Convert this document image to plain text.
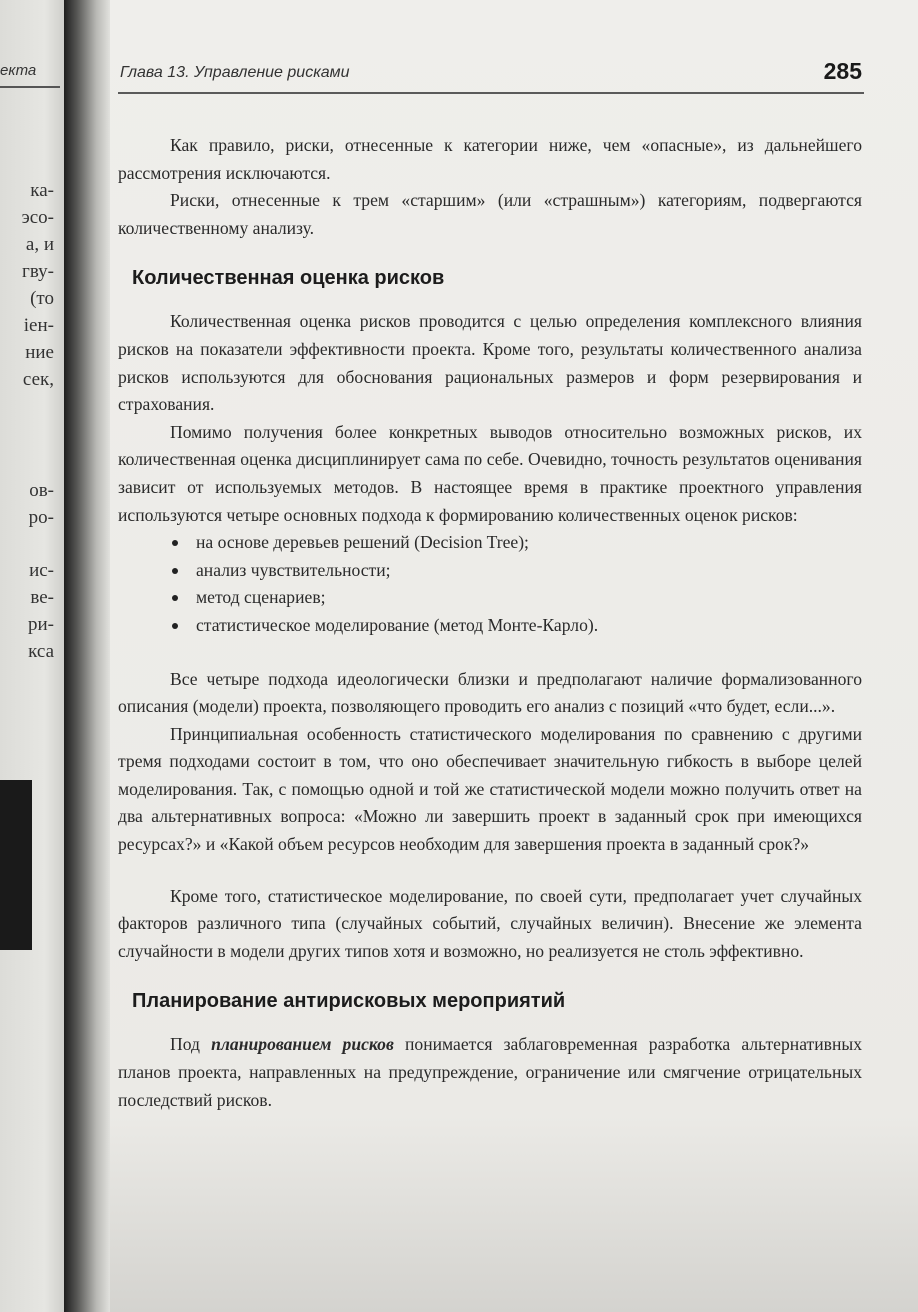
екта
ка-
эсо-
а, и
гву-
(то
іен-
ние
сек,
ов-
ро-
ис-
ве-
ри-
кса
Глава 13. Управление рисками	285

Как правило, риски, отнесенные к категории ниже, чем «опасные», из дальнейшего рассмотрения исключаются.

Риски, отнесенные к трем «старшим» (или «страшным») категориям, подвергаются количественному анализу.

Количественная оценка рисков

Количественная оценка рисков проводится с целью определения комплексного влияния рисков на показатели эффективности проекта. Кроме того, результаты количественного анализа рисков используются для обоснования рациональных размеров и форм резервирования и страхования.

Помимо получения более конкретных выводов относительно возможных рисков, их количественная оценка дисциплинирует сама по себе. Очевидно, точность результатов оценивания зависит от используемых методов. В настоящее время в практике проектного управления используются четыре основных подхода к формированию количественных оценок рисков:

на основе деревьев решений (Decision Tree);
анализ чувствительности;
метод сценариев;
статистическое моделирование (метод Монте-Карло).

Все четыре подхода идеологически близки и предполагают наличие формализованного описания (модели) проекта, позволяющего проводить его анализ с позиций «что будет, если...».

Принципиальная особенность статистического моделирования по сравнению с другими тремя подходами состоит в том, что оно обеспечивает значительную гибкость в выборе целей моделирования. Так, с помощью одной и той же статистической модели можно получить ответ на два альтернативных вопроса: «Можно ли завершить проект в заданный срок при имеющихся ресурсах?» и «Какой объем ресурсов необходим для завершения проекта в заданный срок?»

Кроме того, статистическое моделирование, по своей сути, предполагает учет случайных факторов различного типа (случайных событий, случайных величин). Внесение же элемента случайности в модели других типов хотя и возможно, но реализуется не столь эффективно.

Планирование антирисковых мероприятий

Под планированием рисков понимается заблаговременная разработка альтернативных планов проекта, направленных на предупреждение, ограничение или смягчение отрицательных последствий рисков.
